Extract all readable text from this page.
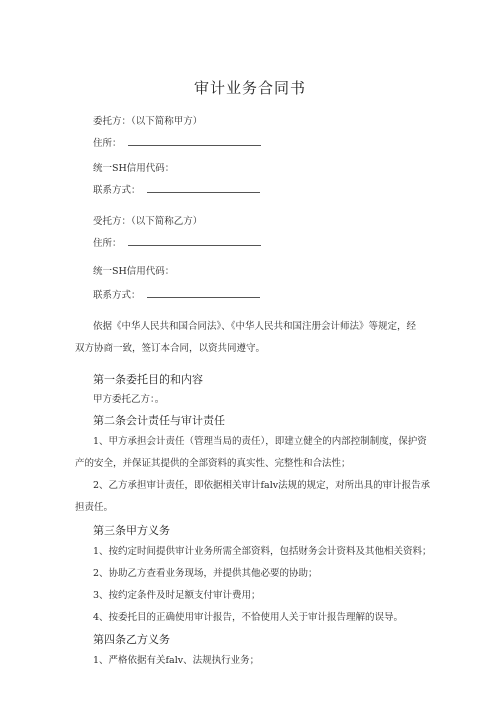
审计业务合同书
委托方：（以下简称甲方）
住所：
统一SH信用代码：
联系方式：
受托方：（以下简称乙方）
住所：
统一SH信用代码：
联系方式：
依据《中华人民共和国合同法》、《中华人民共和国注册会计师法》等规定，经
双方协商一致，签订本合同，以资共同遵守。
第一条委托目的和内容
甲方委托乙方：。
第二条会计责任与审计责任
1、甲方承担会计责任（管理当局的责任），即建立健全的内部控制制度，保护资
产的安全，并保证其提供的全部资料的真实性、完整性和合法性；
2、乙方承担审计责任，即依据相关审计falv法规的规定，对所出具的审计报告承
担责任。
第三条甲方义务
1、按约定时间提供审计业务所需全部资料，包括财务会计资料及其他相关资料；
2、协助乙方查看业务现场，并提供其他必要的协助；
3、按约定条件及时足额支付审计费用；
4、按委托目的正确使用审计报告，不恰使用人关于审计报告理解的误导。
第四条乙方义务
1、严格依据有关falv、法规执行业务；
